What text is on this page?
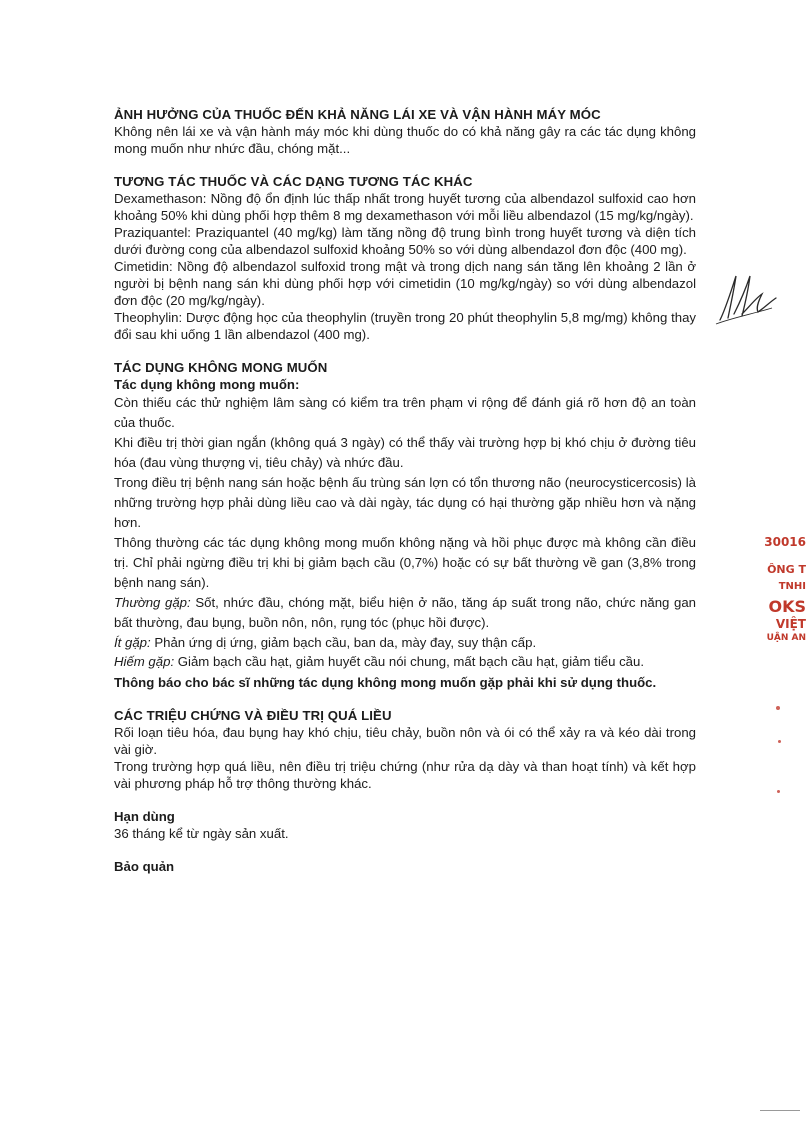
ẢNH HƯỞNG CỦA THUỐC ĐẾN KHẢ NĂNG LÁI XE VÀ VẬN HÀNH MÁY MÓC

Không nên lái xe và vận hành máy móc khi dùng thuốc do có khả năng gây ra các tác dụng không mong muốn như nhức đầu, chóng mặt...

TƯƠNG TÁC THUỐC VÀ CÁC DẠNG TƯƠNG TÁC KHÁC

Dexamethason: Nồng độ ổn định lúc thấp nhất trong huyết tương của albendazol sulfoxid cao hơn khoảng 50% khi dùng phối hợp thêm 8 mg dexamethason với mỗi liều albendazol (15 mg/kg/ngày).

Praziquantel: Praziquantel (40 mg/kg) làm tăng nồng độ trung bình trong huyết tương và diện tích dưới đường cong của albendazol sulfoxid khoảng 50% so với dùng albendazol đơn độc (400 mg).

Cimetidin: Nồng độ albendazol sulfoxid trong mật và trong dịch nang sán tăng lên khoảng 2 lần ở người bị bệnh nang sán khi dùng phối hợp với cimetidin (10 mg/kg/ngày) so với dùng albendazol đơn độc (20 mg/kg/ngày).

Theophylin: Dược động học của theophylin (truyền trong 20 phút theophylin 5,8 mg/mg) không thay đổi sau khi uống 1 lần albendazol (400 mg).

TÁC DỤNG KHÔNG MONG MUỐN
Tác dụng không mong muốn:

Còn thiếu các thử nghiệm lâm sàng có kiểm tra trên phạm vi rộng để đánh giá rõ hơn độ an toàn của thuốc.

Khi điều trị thời gian ngắn (không quá 3 ngày) có thể thấy vài trường hợp bị khó chịu ở đường tiêu hóa (đau vùng thượng vị, tiêu chảy) và nhức đầu.

Trong điều trị bệnh nang sán hoặc bệnh ấu trùng sán lợn có tổn thương não (neurocysticercosis) là những trường hợp phải dùng liều cao và dài ngày, tác dụng có hại thường gặp nhiều hơn và nặng hơn.

Thông thường các tác dụng không mong muốn không nặng và hồi phục được mà không cần điều trị. Chỉ phải ngừng điều trị khi bị giảm bạch cầu (0,7%) hoặc có sự bất thường về gan (3,8% trong bệnh nang sán).

Thường gặp: Sốt, nhức đầu, chóng mặt, biểu hiện ở não, tăng áp suất trong não, chức năng gan bất thường, đau bụng, buồn nôn, nôn, rụng tóc (phục hồi được).

Ít gặp: Phản ứng dị ứng, giảm bạch cầu, ban da, mày đay, suy thận cấp.

Hiếm gặp: Giảm bạch cầu hạt, giảm huyết cầu nói chung, mất bạch cầu hạt, giảm tiểu cầu.

Thông báo cho bác sĩ những tác dụng không mong muốn gặp phải khi sử dụng thuốc.

CÁC TRIỆU CHỨNG VÀ ĐIỀU TRỊ QUÁ LIỀU

Rối loạn tiêu hóa, đau bụng hay khó chịu, tiêu chảy, buồn nôn và ói có thể xảy ra và kéo dài trong vài giờ.

Trong trường hợp quá liều, nên điều trị triệu chứng (như rửa dạ dày và than hoạt tính) và kết hợp vài phương pháp hỗ trợ thông thường khác.

Hạn dùng

36 tháng kể từ ngày sản xuất.

Bảo quản
30016
ÔNG T
TNHI
OKS
VIỆT
UẬN AN
